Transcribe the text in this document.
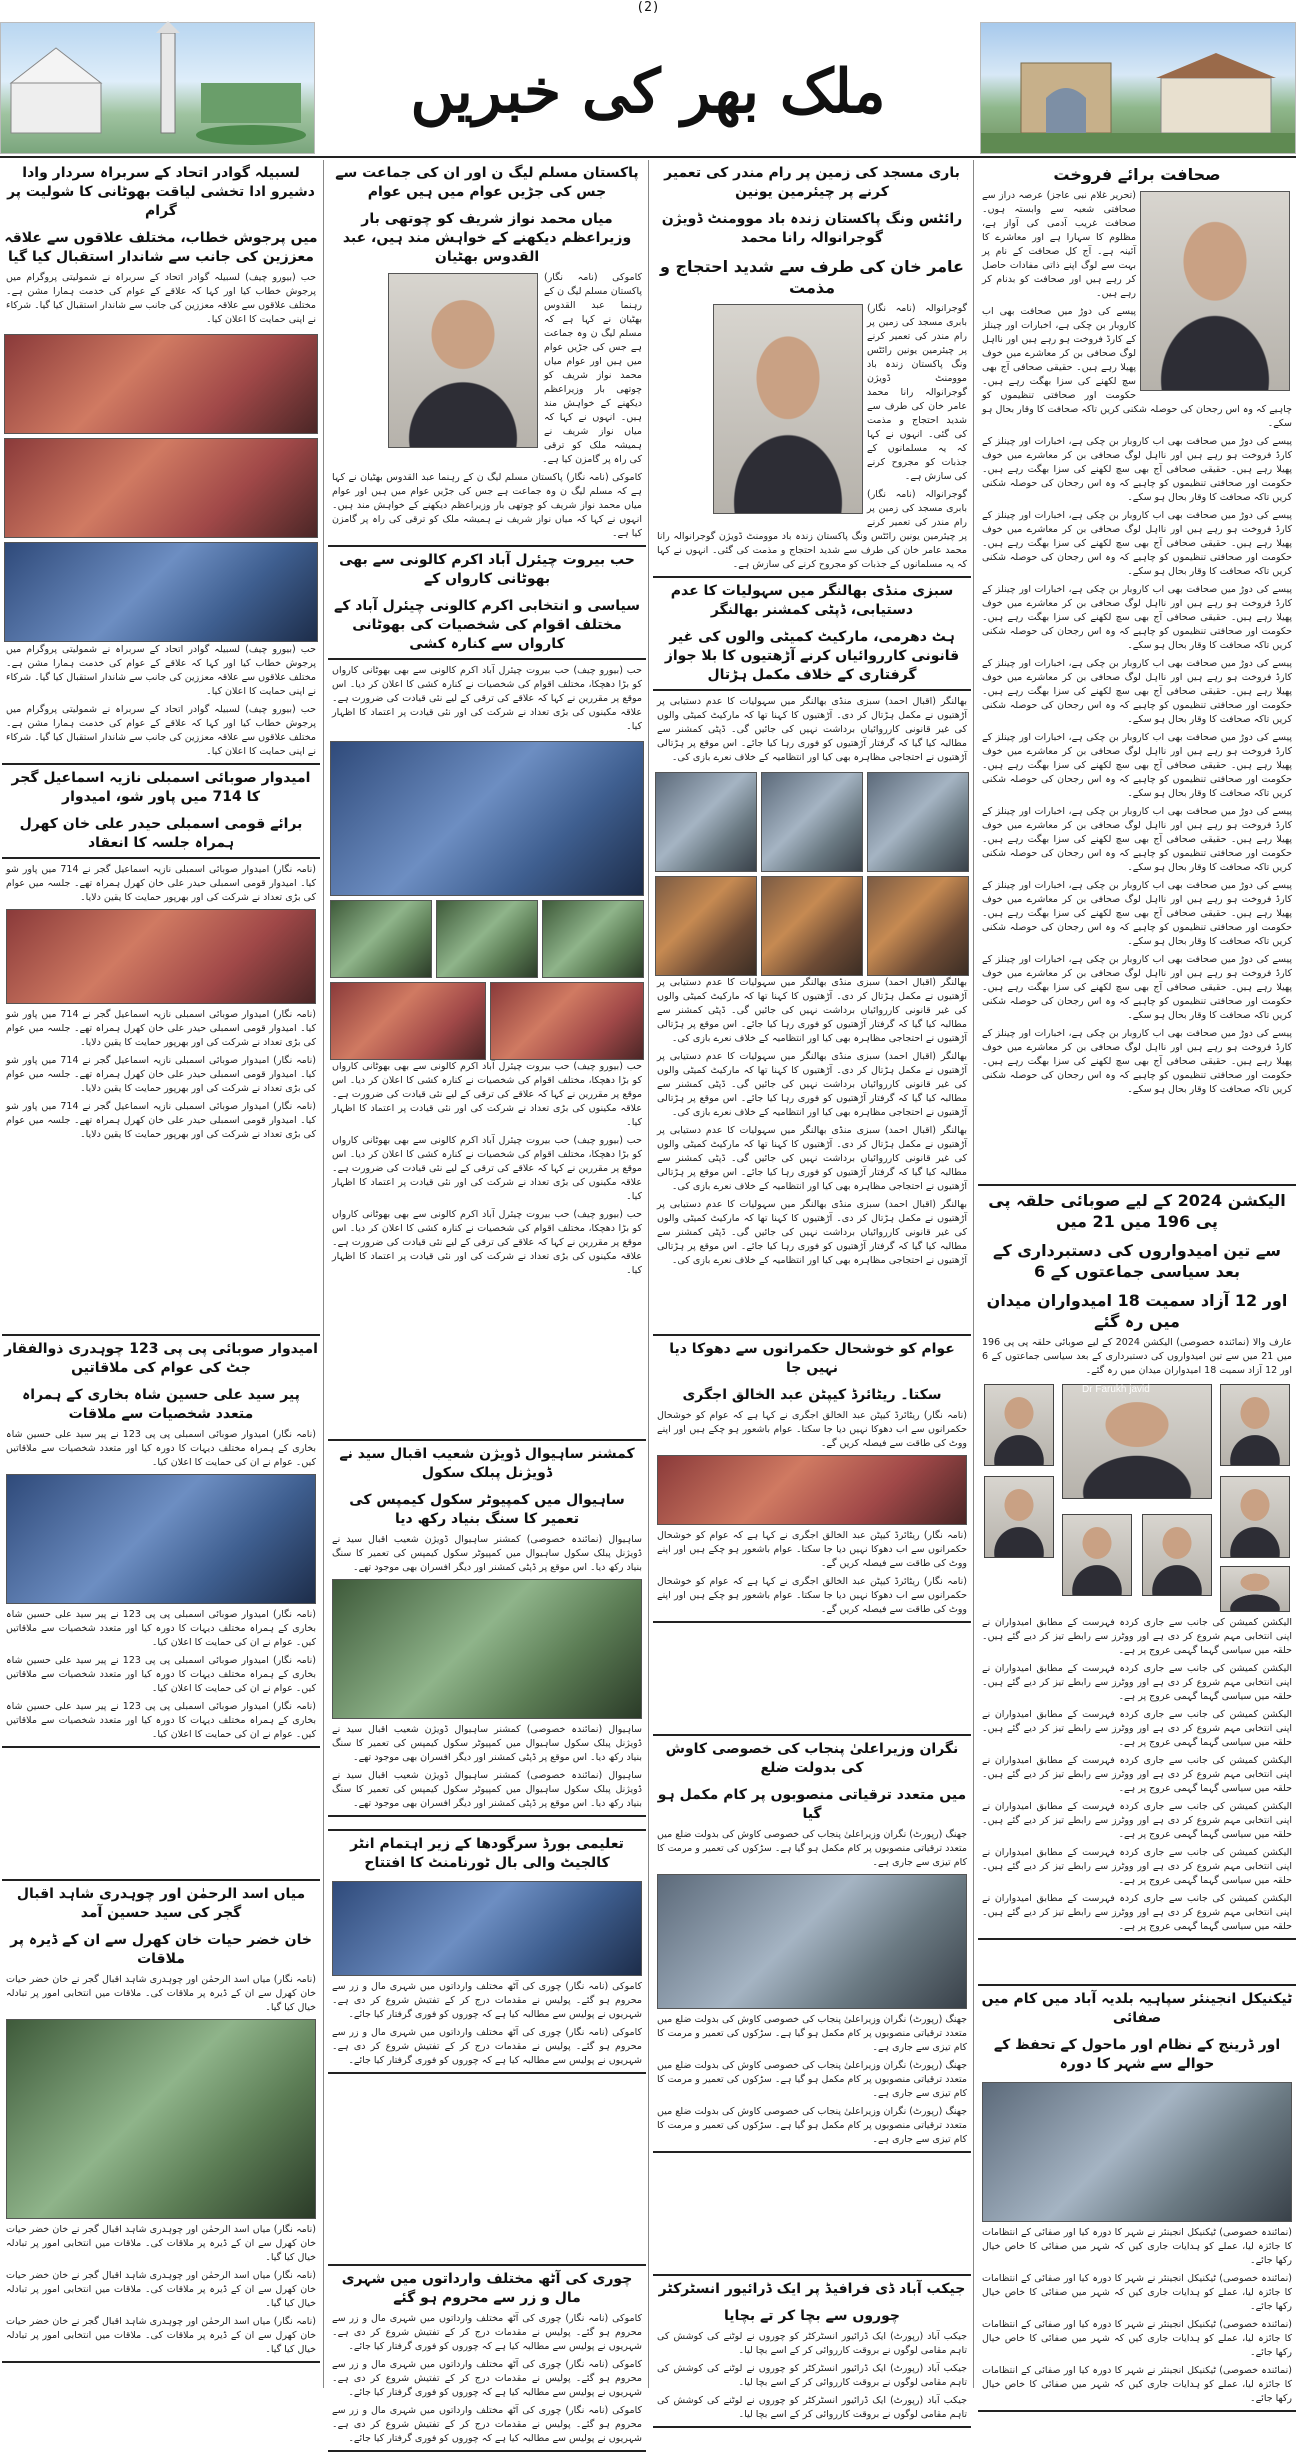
(2)
ملک بھر کی خبریں
صحافت برائے فروخت

(تحریر غلام نبی عاجز) عرصہ دراز سے صحافتی شعبہ سے وابستہ ہوں۔ صحافت غریب آدمی کی آواز ہے، مظلوم کا سہارا ہے اور معاشرے کا آئینہ ہے۔ آج کل صحافت کے نام پر بہت سے لوگ اپنے ذاتی مفادات حاصل کر رہے ہیں اور صحافت کو بدنام کر رہے ہیں۔

پیسے کی دوڑ میں صحافت بھی اب کاروبار بن چکی ہے، اخبارات اور چینلز کے کارڈ فروخت ہو رہے ہیں اور نااہل لوگ صحافی بن کر معاشرے میں خوف پھیلا رہے ہیں۔ حقیقی صحافی آج بھی سچ لکھنے کی سزا بھگت رہے ہیں۔ حکومت اور صحافتی تنظیموں کو چاہیے کہ وہ اس رجحان کی حوصلہ شکنی کریں تاکہ صحافت کا وقار بحال ہو سکے۔

پیسے کی دوڑ میں صحافت بھی اب کاروبار بن چکی ہے، اخبارات اور چینلز کے کارڈ فروخت ہو رہے ہیں اور نااہل لوگ صحافی بن کر معاشرے میں خوف پھیلا رہے ہیں۔ حقیقی صحافی آج بھی سچ لکھنے کی سزا بھگت رہے ہیں۔ حکومت اور صحافتی تنظیموں کو چاہیے کہ وہ اس رجحان کی حوصلہ شکنی کریں تاکہ صحافت کا وقار بحال ہو سکے۔

پیسے کی دوڑ میں صحافت بھی اب کاروبار بن چکی ہے، اخبارات اور چینلز کے کارڈ فروخت ہو رہے ہیں اور نااہل لوگ صحافی بن کر معاشرے میں خوف پھیلا رہے ہیں۔ حقیقی صحافی آج بھی سچ لکھنے کی سزا بھگت رہے ہیں۔ حکومت اور صحافتی تنظیموں کو چاہیے کہ وہ اس رجحان کی حوصلہ شکنی کریں تاکہ صحافت کا وقار بحال ہو سکے۔

پیسے کی دوڑ میں صحافت بھی اب کاروبار بن چکی ہے، اخبارات اور چینلز کے کارڈ فروخت ہو رہے ہیں اور نااہل لوگ صحافی بن کر معاشرے میں خوف پھیلا رہے ہیں۔ حقیقی صحافی آج بھی سچ لکھنے کی سزا بھگت رہے ہیں۔ حکومت اور صحافتی تنظیموں کو چاہیے کہ وہ اس رجحان کی حوصلہ شکنی کریں تاکہ صحافت کا وقار بحال ہو سکے۔

پیسے کی دوڑ میں صحافت بھی اب کاروبار بن چکی ہے، اخبارات اور چینلز کے کارڈ فروخت ہو رہے ہیں اور نااہل لوگ صحافی بن کر معاشرے میں خوف پھیلا رہے ہیں۔ حقیقی صحافی آج بھی سچ لکھنے کی سزا بھگت رہے ہیں۔ حکومت اور صحافتی تنظیموں کو چاہیے کہ وہ اس رجحان کی حوصلہ شکنی کریں تاکہ صحافت کا وقار بحال ہو سکے۔

پیسے کی دوڑ میں صحافت بھی اب کاروبار بن چکی ہے، اخبارات اور چینلز کے کارڈ فروخت ہو رہے ہیں اور نااہل لوگ صحافی بن کر معاشرے میں خوف پھیلا رہے ہیں۔ حقیقی صحافی آج بھی سچ لکھنے کی سزا بھگت رہے ہیں۔ حکومت اور صحافتی تنظیموں کو چاہیے کہ وہ اس رجحان کی حوصلہ شکنی کریں تاکہ صحافت کا وقار بحال ہو سکے۔

پیسے کی دوڑ میں صحافت بھی اب کاروبار بن چکی ہے، اخبارات اور چینلز کے کارڈ فروخت ہو رہے ہیں اور نااہل لوگ صحافی بن کر معاشرے میں خوف پھیلا رہے ہیں۔ حقیقی صحافی آج بھی سچ لکھنے کی سزا بھگت رہے ہیں۔ حکومت اور صحافتی تنظیموں کو چاہیے کہ وہ اس رجحان کی حوصلہ شکنی کریں تاکہ صحافت کا وقار بحال ہو سکے۔

پیسے کی دوڑ میں صحافت بھی اب کاروبار بن چکی ہے، اخبارات اور چینلز کے کارڈ فروخت ہو رہے ہیں اور نااہل لوگ صحافی بن کر معاشرے میں خوف پھیلا رہے ہیں۔ حقیقی صحافی آج بھی سچ لکھنے کی سزا بھگت رہے ہیں۔ حکومت اور صحافتی تنظیموں کو چاہیے کہ وہ اس رجحان کی حوصلہ شکنی کریں تاکہ صحافت کا وقار بحال ہو سکے۔

پیسے کی دوڑ میں صحافت بھی اب کاروبار بن چکی ہے، اخبارات اور چینلز کے کارڈ فروخت ہو رہے ہیں اور نااہل لوگ صحافی بن کر معاشرے میں خوف پھیلا رہے ہیں۔ حقیقی صحافی آج بھی سچ لکھنے کی سزا بھگت رہے ہیں۔ حکومت اور صحافتی تنظیموں کو چاہیے کہ وہ اس رجحان کی حوصلہ شکنی کریں تاکہ صحافت کا وقار بحال ہو سکے۔

پیسے کی دوڑ میں صحافت بھی اب کاروبار بن چکی ہے، اخبارات اور چینلز کے کارڈ فروخت ہو رہے ہیں اور نااہل لوگ صحافی بن کر معاشرے میں خوف پھیلا رہے ہیں۔ حقیقی صحافی آج بھی سچ لکھنے کی سزا بھگت رہے ہیں۔ حکومت اور صحافتی تنظیموں کو چاہیے کہ وہ اس رجحان کی حوصلہ شکنی کریں تاکہ صحافت کا وقار بحال ہو سکے۔

الیکشن 2024 کے لیے صوبائی حلقہ پی پی 196 میں 21 میں
سے تین امیدواروں کی دستبرداری کے بعد سیاسی جماعتوں کے 6
اور 12 آزاد سمیت 18 امیدواران میدان میں رہ گئے

عارف والا (نمائندہ خصوصی) الیکشن 2024 کے لیے صوبائی حلقہ پی پی 196 میں 21 میں سے تین امیدواروں کی دستبرداری کے بعد سیاسی جماعتوں کے 6 اور 12 آزاد سمیت 18 امیدواران میدان میں رہ گئے۔

Dr Farukh javid

الیکشن کمیشن کی جانب سے جاری کردہ فہرست کے مطابق امیدواران نے اپنی انتخابی مہم شروع کر دی ہے اور ووٹرز سے رابطے تیز کر دیے گئے ہیں۔ حلقہ میں سیاسی گہما گہمی عروج پر ہے۔

الیکشن کمیشن کی جانب سے جاری کردہ فہرست کے مطابق امیدواران نے اپنی انتخابی مہم شروع کر دی ہے اور ووٹرز سے رابطے تیز کر دیے گئے ہیں۔ حلقہ میں سیاسی گہما گہمی عروج پر ہے۔

الیکشن کمیشن کی جانب سے جاری کردہ فہرست کے مطابق امیدواران نے اپنی انتخابی مہم شروع کر دی ہے اور ووٹرز سے رابطے تیز کر دیے گئے ہیں۔ حلقہ میں سیاسی گہما گہمی عروج پر ہے۔

الیکشن کمیشن کی جانب سے جاری کردہ فہرست کے مطابق امیدواران نے اپنی انتخابی مہم شروع کر دی ہے اور ووٹرز سے رابطے تیز کر دیے گئے ہیں۔ حلقہ میں سیاسی گہما گہمی عروج پر ہے۔

الیکشن کمیشن کی جانب سے جاری کردہ فہرست کے مطابق امیدواران نے اپنی انتخابی مہم شروع کر دی ہے اور ووٹرز سے رابطے تیز کر دیے گئے ہیں۔ حلقہ میں سیاسی گہما گہمی عروج پر ہے۔

الیکشن کمیشن کی جانب سے جاری کردہ فہرست کے مطابق امیدواران نے اپنی انتخابی مہم شروع کر دی ہے اور ووٹرز سے رابطے تیز کر دیے گئے ہیں۔ حلقہ میں سیاسی گہما گہمی عروج پر ہے۔

الیکشن کمیشن کی جانب سے جاری کردہ فہرست کے مطابق امیدواران نے اپنی انتخابی مہم شروع کر دی ہے اور ووٹرز سے رابطے تیز کر دیے گئے ہیں۔ حلقہ میں سیاسی گہما گہمی عروج پر ہے۔

ٹیکنیکل انجینئر سپاہیہ بلدیہ آباد میں کام میں صفائی
اور ڈرینج کے نظام اور ماحول کے تحفظ کے حوالے سے شہر کا دورہ

(نمائندہ خصوصی) ٹیکنیکل انجینئر نے شہر کا دورہ کیا اور صفائی کے انتظامات کا جائزہ لیا، عملے کو ہدایات جاری کیں کہ شہر میں صفائی کا خاص خیال رکھا جائے۔

(نمائندہ خصوصی) ٹیکنیکل انجینئر نے شہر کا دورہ کیا اور صفائی کے انتظامات کا جائزہ لیا، عملے کو ہدایات جاری کیں کہ شہر میں صفائی کا خاص خیال رکھا جائے۔

(نمائندہ خصوصی) ٹیکنیکل انجینئر نے شہر کا دورہ کیا اور صفائی کے انتظامات کا جائزہ لیا، عملے کو ہدایات جاری کیں کہ شہر میں صفائی کا خاص خیال رکھا جائے۔

(نمائندہ خصوصی) ٹیکنیکل انجینئر نے شہر کا دورہ کیا اور صفائی کے انتظامات کا جائزہ لیا، عملے کو ہدایات جاری کیں کہ شہر میں صفائی کا خاص خیال رکھا جائے۔

باری مسجد کی زمین پر رام مندر کی تعمیر کرنے پر چیئرمین یونین
رائٹس ونگ پاکستان زندہ باد موومنٹ ڈویژن گوجرانوالہ رانا محمد
عامر خان کی طرف سے شدید احتجاج و مذمت

گوجرانوالہ (نامہ نگار) بابری مسجد کی زمین پر رام مندر کی تعمیر کرنے پر چیئرمین یونین رائٹس ونگ پاکستان زندہ باد موومنٹ ڈویژن گوجرانوالہ رانا محمد عامر خان کی طرف سے شدید احتجاج و مذمت کی گئی۔ انہوں نے کہا کہ یہ مسلمانوں کے جذبات کو مجروح کرنے کی سازش ہے۔

گوجرانوالہ (نامہ نگار) بابری مسجد کی زمین پر رام مندر کی تعمیر کرنے پر چیئرمین یونین رائٹس ونگ پاکستان زندہ باد موومنٹ ڈویژن گوجرانوالہ رانا محمد عامر خان کی طرف سے شدید احتجاج و مذمت کی گئی۔ انہوں نے کہا کہ یہ مسلمانوں کے جذبات کو مجروح کرنے کی سازش ہے۔

سبزی منڈی بھالنگر میں سہولیات کا عدم دستیابی، ڈپٹی کمشنر بھالنگر
ہٹ دھرمی، مارکیٹ کمیٹی والوں کی غیر قانونی کارروائیاں کرنے آڑھتیوں کا بلا جواز گرفتاری کے خلاف مکمل ہڑتال

بھالنگر (اقبال احمد) سبزی منڈی بھالنگر میں سہولیات کا عدم دستیابی پر آڑھتیوں نے مکمل ہڑتال کر دی۔ آڑھتیوں کا کہنا تھا کہ مارکیٹ کمیٹی والوں کی غیر قانونی کارروائیاں برداشت نہیں کی جائیں گی۔ ڈپٹی کمشنر سے مطالبہ کیا گیا کہ گرفتار آڑھتیوں کو فوری رہا کیا جائے۔ اس موقع پر ہڑتالی آڑھتیوں نے احتجاجی مظاہرہ بھی کیا اور انتظامیہ کے خلاف نعرے بازی کی۔

بھالنگر (اقبال احمد) سبزی منڈی بھالنگر میں سہولیات کا عدم دستیابی پر آڑھتیوں نے مکمل ہڑتال کر دی۔ آڑھتیوں کا کہنا تھا کہ مارکیٹ کمیٹی والوں کی غیر قانونی کارروائیاں برداشت نہیں کی جائیں گی۔ ڈپٹی کمشنر سے مطالبہ کیا گیا کہ گرفتار آڑھتیوں کو فوری رہا کیا جائے۔ اس موقع پر ہڑتالی آڑھتیوں نے احتجاجی مظاہرہ بھی کیا اور انتظامیہ کے خلاف نعرے بازی کی۔

بھالنگر (اقبال احمد) سبزی منڈی بھالنگر میں سہولیات کا عدم دستیابی پر آڑھتیوں نے مکمل ہڑتال کر دی۔ آڑھتیوں کا کہنا تھا کہ مارکیٹ کمیٹی والوں کی غیر قانونی کارروائیاں برداشت نہیں کی جائیں گی۔ ڈپٹی کمشنر سے مطالبہ کیا گیا کہ گرفتار آڑھتیوں کو فوری رہا کیا جائے۔ اس موقع پر ہڑتالی آڑھتیوں نے احتجاجی مظاہرہ بھی کیا اور انتظامیہ کے خلاف نعرے بازی کی۔

بھالنگر (اقبال احمد) سبزی منڈی بھالنگر میں سہولیات کا عدم دستیابی پر آڑھتیوں نے مکمل ہڑتال کر دی۔ آڑھتیوں کا کہنا تھا کہ مارکیٹ کمیٹی والوں کی غیر قانونی کارروائیاں برداشت نہیں کی جائیں گی۔ ڈپٹی کمشنر سے مطالبہ کیا گیا کہ گرفتار آڑھتیوں کو فوری رہا کیا جائے۔ اس موقع پر ہڑتالی آڑھتیوں نے احتجاجی مظاہرہ بھی کیا اور انتظامیہ کے خلاف نعرے بازی کی۔

بھالنگر (اقبال احمد) سبزی منڈی بھالنگر میں سہولیات کا عدم دستیابی پر آڑھتیوں نے مکمل ہڑتال کر دی۔ آڑھتیوں کا کہنا تھا کہ مارکیٹ کمیٹی والوں کی غیر قانونی کارروائیاں برداشت نہیں کی جائیں گی۔ ڈپٹی کمشنر سے مطالبہ کیا گیا کہ گرفتار آڑھتیوں کو فوری رہا کیا جائے۔ اس موقع پر ہڑتالی آڑھتیوں نے احتجاجی مظاہرہ بھی کیا اور انتظامیہ کے خلاف نعرے بازی کی۔

عوام کو خوشحال حکمرانوں سے دھوکا دیا نہیں جا
سکتا۔ ریٹائرڈ کیپٹن عبد الخالق اجگری

(نامہ نگار) ریٹائرڈ کیپٹن عبد الخالق اجگری نے کہا ہے کہ عوام کو خوشحال حکمرانوں سے اب دھوکا نہیں دیا جا سکتا۔ عوام باشعور ہو چکے ہیں اور اپنے ووٹ کی طاقت سے فیصلہ کریں گے۔

(نامہ نگار) ریٹائرڈ کیپٹن عبد الخالق اجگری نے کہا ہے کہ عوام کو خوشحال حکمرانوں سے اب دھوکا نہیں دیا جا سکتا۔ عوام باشعور ہو چکے ہیں اور اپنے ووٹ کی طاقت سے فیصلہ کریں گے۔

(نامہ نگار) ریٹائرڈ کیپٹن عبد الخالق اجگری نے کہا ہے کہ عوام کو خوشحال حکمرانوں سے اب دھوکا نہیں دیا جا سکتا۔ عوام باشعور ہو چکے ہیں اور اپنے ووٹ کی طاقت سے فیصلہ کریں گے۔

نگران وزیراعلیٰ پنجاب کی خصوصی کاوش کی بدولت ضلع
میں متعدد ترقیاتی منصوبوں پر کام مکمل ہو گیا

جھنگ (رپورٹ) نگران وزیراعلیٰ پنجاب کی خصوصی کاوش کی بدولت ضلع میں متعدد ترقیاتی منصوبوں پر کام مکمل ہو گیا ہے۔ سڑکوں کی تعمیر و مرمت کا کام تیزی سے جاری ہے۔

جھنگ (رپورٹ) نگران وزیراعلیٰ پنجاب کی خصوصی کاوش کی بدولت ضلع میں متعدد ترقیاتی منصوبوں پر کام مکمل ہو گیا ہے۔ سڑکوں کی تعمیر و مرمت کا کام تیزی سے جاری ہے۔

جھنگ (رپورٹ) نگران وزیراعلیٰ پنجاب کی خصوصی کاوش کی بدولت ضلع میں متعدد ترقیاتی منصوبوں پر کام مکمل ہو گیا ہے۔ سڑکوں کی تعمیر و مرمت کا کام تیزی سے جاری ہے۔

جھنگ (رپورٹ) نگران وزیراعلیٰ پنجاب کی خصوصی کاوش کی بدولت ضلع میں متعدد ترقیاتی منصوبوں پر کام مکمل ہو گیا ہے۔ سڑکوں کی تعمیر و مرمت کا کام تیزی سے جاری ہے۔

جیکب آباد ڈی فرافیڈ پر ایک ڈرائیور انسٹرکٹر
چوروں سے بچا کر تے بچایا

جیکب آباد (رپورٹ) ایک ڈرائیور انسٹرکٹر کو چوروں نے لوٹنے کی کوشش کی تاہم مقامی لوگوں نے بروقت کارروائی کر کے اسے بچا لیا۔

جیکب آباد (رپورٹ) ایک ڈرائیور انسٹرکٹر کو چوروں نے لوٹنے کی کوشش کی تاہم مقامی لوگوں نے بروقت کارروائی کر کے اسے بچا لیا۔

جیکب آباد (رپورٹ) ایک ڈرائیور انسٹرکٹر کو چوروں نے لوٹنے کی کوشش کی تاہم مقامی لوگوں نے بروقت کارروائی کر کے اسے بچا لیا۔

پاکستان مسلم لیگ ن اور ان کی جماعت سے جس کی جڑیں عوام میں ہیں عوام
میاں محمد نواز شریف کو چوتھی بار وزیراعظم دیکھنے کے خواہش مند ہیں، عبد القدوس بھٹیان

کاموکی (نامہ نگار) پاکستان مسلم لیگ ن کے رہنما عبد القدوس بھٹیان نے کہا ہے کہ مسلم لیگ ن وہ جماعت ہے جس کی جڑیں عوام میں ہیں اور عوام میاں محمد نواز شریف کو چوتھی بار وزیراعظم دیکھنے کے خواہش مند ہیں۔ انہوں نے کہا کہ میاں نواز شریف نے ہمیشہ ملک کو ترقی کی راہ پر گامزن کیا ہے۔

کاموکی (نامہ نگار) پاکستان مسلم لیگ ن کے رہنما عبد القدوس بھٹیان نے کہا ہے کہ مسلم لیگ ن وہ جماعت ہے جس کی جڑیں عوام میں ہیں اور عوام میاں محمد نواز شریف کو چوتھی بار وزیراعظم دیکھنے کے خواہش مند ہیں۔ انہوں نے کہا کہ میاں نواز شریف نے ہمیشہ ملک کو ترقی کی راہ پر گامزن کیا ہے۔

حب بیروت چیئرل آباد اکرم کالونی سے بھی بھوٹانی کارواں کے
سیاسی و انتخابی اکرم کالونی چیئرل آباد کے مختلف اقوام کی شخصیات کی بھوٹانی کارواں سے کنارہ کشی

حب (بیورو چیف) حب بیروت چیئرل آباد اکرم کالونی سے بھی بھوٹانی کارواں کو بڑا دھچکا، مختلف اقوام کی شخصیات نے کنارہ کشی کا اعلان کر دیا۔ اس موقع پر مقررین نے کہا کہ علاقے کی ترقی کے لیے نئی قیادت کی ضرورت ہے۔ علاقہ مکینوں کی بڑی تعداد نے شرکت کی اور نئی قیادت پر اعتماد کا اظہار کیا۔

حب (بیورو چیف) حب بیروت چیئرل آباد اکرم کالونی سے بھی بھوٹانی کارواں کو بڑا دھچکا، مختلف اقوام کی شخصیات نے کنارہ کشی کا اعلان کر دیا۔ اس موقع پر مقررین نے کہا کہ علاقے کی ترقی کے لیے نئی قیادت کی ضرورت ہے۔ علاقہ مکینوں کی بڑی تعداد نے شرکت کی اور نئی قیادت پر اعتماد کا اظہار کیا۔

حب (بیورو چیف) حب بیروت چیئرل آباد اکرم کالونی سے بھی بھوٹانی کارواں کو بڑا دھچکا، مختلف اقوام کی شخصیات نے کنارہ کشی کا اعلان کر دیا۔ اس موقع پر مقررین نے کہا کہ علاقے کی ترقی کے لیے نئی قیادت کی ضرورت ہے۔ علاقہ مکینوں کی بڑی تعداد نے شرکت کی اور نئی قیادت پر اعتماد کا اظہار کیا۔

حب (بیورو چیف) حب بیروت چیئرل آباد اکرم کالونی سے بھی بھوٹانی کارواں کو بڑا دھچکا، مختلف اقوام کی شخصیات نے کنارہ کشی کا اعلان کر دیا۔ اس موقع پر مقررین نے کہا کہ علاقے کی ترقی کے لیے نئی قیادت کی ضرورت ہے۔ علاقہ مکینوں کی بڑی تعداد نے شرکت کی اور نئی قیادت پر اعتماد کا اظہار کیا۔

کمشنر ساہیوال ڈویژن شعیب اقبال سید نے ڈویژنل پبلک سکول
ساہیوال میں کمپیوٹر سکول کیمپس کی تعمیر کا سنگ بنیاد رکھ دیا

ساہیوال (نمائندہ خصوصی) کمشنر ساہیوال ڈویژن شعیب اقبال سید نے ڈویژنل پبلک سکول ساہیوال میں کمپیوٹر سکول کیمپس کی تعمیر کا سنگ بنیاد رکھ دیا۔ اس موقع پر ڈپٹی کمشنر اور دیگر افسران بھی موجود تھے۔

ساہیوال (نمائندہ خصوصی) کمشنر ساہیوال ڈویژن شعیب اقبال سید نے ڈویژنل پبلک سکول ساہیوال میں کمپیوٹر سکول کیمپس کی تعمیر کا سنگ بنیاد رکھ دیا۔ اس موقع پر ڈپٹی کمشنر اور دیگر افسران بھی موجود تھے۔

ساہیوال (نمائندہ خصوصی) کمشنر ساہیوال ڈویژن شعیب اقبال سید نے ڈویژنل پبلک سکول ساہیوال میں کمپیوٹر سکول کیمپس کی تعمیر کا سنگ بنیاد رکھ دیا۔ اس موقع پر ڈپٹی کمشنر اور دیگر افسران بھی موجود تھے۔

تعلیمی بورڈ سرگودھا کے زیر اہتمام انٹر کالجیٹ والی بال ٹورنامنٹ کا افتتاح

کاموکی (نامہ نگار) چوری کی آٹھ مختلف وارداتوں میں شہری مال و زر سے محروم ہو گئے۔ پولیس نے مقدمات درج کر کے تفتیش شروع کر دی ہے۔ شہریوں نے پولیس سے مطالبہ کیا ہے کہ چوروں کو فوری گرفتار کیا جائے۔

کاموکی (نامہ نگار) چوری کی آٹھ مختلف وارداتوں میں شہری مال و زر سے محروم ہو گئے۔ پولیس نے مقدمات درج کر کے تفتیش شروع کر دی ہے۔ شہریوں نے پولیس سے مطالبہ کیا ہے کہ چوروں کو فوری گرفتار کیا جائے۔

چوری کی آٹھ مختلف وارداتوں میں شہری مال و زر سے محروم ہو گئے

کاموکی (نامہ نگار) چوری کی آٹھ مختلف وارداتوں میں شہری مال و زر سے محروم ہو گئے۔ پولیس نے مقدمات درج کر کے تفتیش شروع کر دی ہے۔ شہریوں نے پولیس سے مطالبہ کیا ہے کہ چوروں کو فوری گرفتار کیا جائے۔

کاموکی (نامہ نگار) چوری کی آٹھ مختلف وارداتوں میں شہری مال و زر سے محروم ہو گئے۔ پولیس نے مقدمات درج کر کے تفتیش شروع کر دی ہے۔ شہریوں نے پولیس سے مطالبہ کیا ہے کہ چوروں کو فوری گرفتار کیا جائے۔

کاموکی (نامہ نگار) چوری کی آٹھ مختلف وارداتوں میں شہری مال و زر سے محروم ہو گئے۔ پولیس نے مقدمات درج کر کے تفتیش شروع کر دی ہے۔ شہریوں نے پولیس سے مطالبہ کیا ہے کہ چوروں کو فوری گرفتار کیا جائے۔

لسبیلہ گوادر اتحاد کے سربراہ سردار وادا دشیرو ادا تخشی لیاقت بھوٹانی کا شولیت پر گرام
میں پرجوش خطاب، مختلف علاقوں سے علاقہ معززین کی جانب سے شاندار استقبال کیا گیا

حب (بیورو چیف) لسبیلہ گوادر اتحاد کے سربراہ نے شمولیتی پروگرام میں پرجوش خطاب کیا اور کہا کہ علاقے کے عوام کی خدمت ہمارا مشن ہے۔ مختلف علاقوں سے علاقہ معززین کی جانب سے شاندار استقبال کیا گیا۔ شرکاء نے اپنی حمایت کا اعلان کیا۔

حب (بیورو چیف) لسبیلہ گوادر اتحاد کے سربراہ نے شمولیتی پروگرام میں پرجوش خطاب کیا اور کہا کہ علاقے کے عوام کی خدمت ہمارا مشن ہے۔ مختلف علاقوں سے علاقہ معززین کی جانب سے شاندار استقبال کیا گیا۔ شرکاء نے اپنی حمایت کا اعلان کیا۔

حب (بیورو چیف) لسبیلہ گوادر اتحاد کے سربراہ نے شمولیتی پروگرام میں پرجوش خطاب کیا اور کہا کہ علاقے کے عوام کی خدمت ہمارا مشن ہے۔ مختلف علاقوں سے علاقہ معززین کی جانب سے شاندار استقبال کیا گیا۔ شرکاء نے اپنی حمایت کا اعلان کیا۔

امیدوار صوبائی اسمبلی نازیہ اسماعیل گجر کا 714 میں پاور شو، امیدوار
برائے قومی اسمبلی حیدر علی خان کھرل ہمراہ جلسہ کا انعقاد

(نامہ نگار) امیدوار صوبائی اسمبلی نازیہ اسماعیل گجر نے 714 میں پاور شو کیا۔ امیدوار قومی اسمبلی حیدر علی خان کھرل ہمراہ تھے۔ جلسہ میں عوام کی بڑی تعداد نے شرکت کی اور بھرپور حمایت کا یقین دلایا۔

(نامہ نگار) امیدوار صوبائی اسمبلی نازیہ اسماعیل گجر نے 714 میں پاور شو کیا۔ امیدوار قومی اسمبلی حیدر علی خان کھرل ہمراہ تھے۔ جلسہ میں عوام کی بڑی تعداد نے شرکت کی اور بھرپور حمایت کا یقین دلایا۔

(نامہ نگار) امیدوار صوبائی اسمبلی نازیہ اسماعیل گجر نے 714 میں پاور شو کیا۔ امیدوار قومی اسمبلی حیدر علی خان کھرل ہمراہ تھے۔ جلسہ میں عوام کی بڑی تعداد نے شرکت کی اور بھرپور حمایت کا یقین دلایا۔

(نامہ نگار) امیدوار صوبائی اسمبلی نازیہ اسماعیل گجر نے 714 میں پاور شو کیا۔ امیدوار قومی اسمبلی حیدر علی خان کھرل ہمراہ تھے۔ جلسہ میں عوام کی بڑی تعداد نے شرکت کی اور بھرپور حمایت کا یقین دلایا۔

امیدوار صوبائی پی پی 123 چوہدری ذوالفقار جٹ کی عوام کی ملاقاتیں
پیر سید علی حسین شاہ بخاری کے ہمراہ متعدد شخصیات سے ملاقات

(نامہ نگار) امیدوار صوبائی اسمبلی پی پی 123 نے پیر سید علی حسین شاہ بخاری کے ہمراہ مختلف دیہات کا دورہ کیا اور متعدد شخصیات سے ملاقاتیں کیں۔ عوام نے ان کی حمایت کا اعلان کیا۔

(نامہ نگار) امیدوار صوبائی اسمبلی پی پی 123 نے پیر سید علی حسین شاہ بخاری کے ہمراہ مختلف دیہات کا دورہ کیا اور متعدد شخصیات سے ملاقاتیں کیں۔ عوام نے ان کی حمایت کا اعلان کیا۔

(نامہ نگار) امیدوار صوبائی اسمبلی پی پی 123 نے پیر سید علی حسین شاہ بخاری کے ہمراہ مختلف دیہات کا دورہ کیا اور متعدد شخصیات سے ملاقاتیں کیں۔ عوام نے ان کی حمایت کا اعلان کیا۔

(نامہ نگار) امیدوار صوبائی اسمبلی پی پی 123 نے پیر سید علی حسین شاہ بخاری کے ہمراہ مختلف دیہات کا دورہ کیا اور متعدد شخصیات سے ملاقاتیں کیں۔ عوام نے ان کی حمایت کا اعلان کیا۔

میاں اسد الرحمٰن اور چوہدری شاہد اقبال گجر کی سید حسین آمد
خان خضر حیات خان کھرل سے ان کے ڈیرہ پر ملاقات

(نامہ نگار) میاں اسد الرحمٰن اور چوہدری شاہد اقبال گجر نے خان خضر حیات خان کھرل سے ان کے ڈیرہ پر ملاقات کی۔ ملاقات میں انتخابی امور پر تبادلہ خیال کیا گیا۔

(نامہ نگار) میاں اسد الرحمٰن اور چوہدری شاہد اقبال گجر نے خان خضر حیات خان کھرل سے ان کے ڈیرہ پر ملاقات کی۔ ملاقات میں انتخابی امور پر تبادلہ خیال کیا گیا۔

(نامہ نگار) میاں اسد الرحمٰن اور چوہدری شاہد اقبال گجر نے خان خضر حیات خان کھرل سے ان کے ڈیرہ پر ملاقات کی۔ ملاقات میں انتخابی امور پر تبادلہ خیال کیا گیا۔

(نامہ نگار) میاں اسد الرحمٰن اور چوہدری شاہد اقبال گجر نے خان خضر حیات خان کھرل سے ان کے ڈیرہ پر ملاقات کی۔ ملاقات میں انتخابی امور پر تبادلہ خیال کیا گیا۔
